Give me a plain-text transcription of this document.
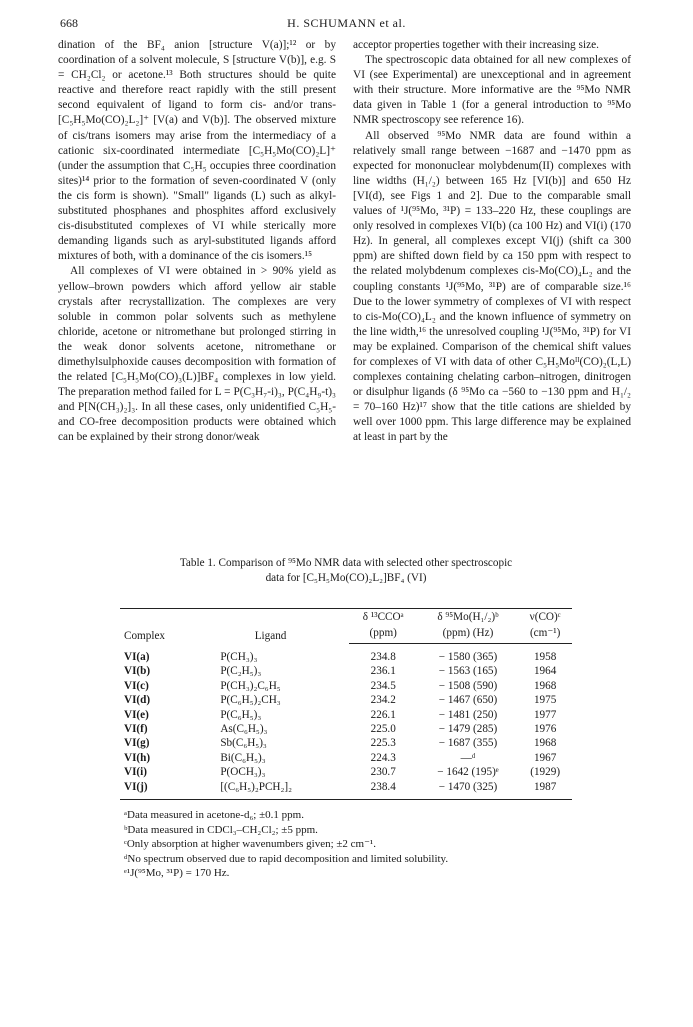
668	H. SCHUMANN et al.

dination of the BF₄ anion [structure V(a)];¹² or by coordination of a solvent molecule, S [structure V(b)], e.g. S = CH₂Cl₂ or acetone.¹³ Both structures should be quite reactive and therefore react rapidly with the still present second equivalent of ligand to form cis- and/or trans-[C₅H₅Mo(CO)₂L₂]⁺ [V(a) and V(b)]. The observed mixture of cis/trans isomers may arise from the intermediacy of a cationic six-coordinated intermediate [C₅H₅Mo(CO)₂L]⁺ (under the assumption that C₅H₅ occupies three coordination sites)¹⁴ prior to the formation of seven-coordinated V (only the cis form is shown). "Small" ligands (L) such as alkyl-substituted phosphanes and phosphites afford exclusively cis-disubstituted complexes of VI while sterically more demanding ligands such as aryl-substituted ligands afford mixtures of both, with a dominance of the cis isomers.¹⁵

All complexes of VI were obtained in > 90% yield as yellow–brown powders which afford yellow air stable crystals after recrystallization. The complexes are very soluble in common polar solvents such as methylene chloride, acetone or nitromethane but prolonged stirring in the weak donor solvents acetone, nitromethane or dimethylsulphoxide causes decomposition with formation of the related [C₅H₅Mo(CO)₃(L)]BF₄ complexes in low yield. The preparation method failed for L = P(C₃H₇-i)₃, P(C₄H₉-t)₃ and P[N(CH₃)₂]₃. In all these cases, only unidentified C₅H₅- and CO-free decomposition products were obtained which can be explained by their strong donor/weak

acceptor properties together with their increasing size.

The spectroscopic data obtained for all new complexes of VI (see Experimental) are unexceptional and in agreement with their structure. More informative are the ⁹⁵Mo NMR data given in Table 1 (for a general introduction to ⁹⁵Mo NMR spectroscopy see reference 16).

All observed ⁹⁵Mo NMR data are found within a relatively small range between −1687 and −1470 ppm as expected for mononuclear molybdenum(II) complexes with line widths (H₁/₂) between 165 Hz [VI(b)] and 650 Hz [VI(d), see Figs 1 and 2]. Due to the comparable small values of ¹J(⁹⁵Mo, ³¹P) = 133–220 Hz, these couplings are only resolved in complexes VI(b) (ca 100 Hz) and VI(i) (170 Hz). In general, all complexes except VI(j) (shift ca 300 ppm) are shifted down field by ca 150 ppm with respect to the related molybdenum complexes cis-Mo(CO)₄L₂ and the coupling constants ¹J(⁹⁵Mo, ³¹P) are of comparable size.¹⁶ Due to the lower symmetry of complexes of VI with respect to cis-Mo(CO)₄L₂ and the known influence of symmetry on the line width,¹⁶ the unresolved coupling ¹J(⁹⁵Mo, ³¹P) for VI may be explained. Comparison of the chemical shift values for complexes of VI with data of other C₅H₅Moᴵᴵ(CO)₂(L,L) complexes containing chelating carbon–nitrogen, dinitrogen or disulphur ligands (δ ⁹⁵Mo ca −560 to −130 ppm and H₁/₂ = 70–160 Hz)¹⁷ show that the title cations are shielded by well over 1000 ppm. This large difference may be explained at least in part by the

Table 1. Comparison of ⁹⁵Mo NMR data with selected other spectroscopic
data for [C₅H₅Mo(CO)₂L₂]BF₄ (VI)
Complex	Ligand	δ ¹³CCOᵃ	δ ⁹⁵Mo(H₁/₂)ᵇ	ν(CO)ᶜ
		(ppm)	(ppm) (Hz)	(cm⁻¹)
VI(a)	P(CH₃)₃	234.8	− 1580 (365)	1958
VI(b)	P(C₂H₅)₃	236.1	− 1563 (165)	1964
VI(c)	P(CH₃)₂C₆H₅	234.5	− 1508 (590)	1968
VI(d)	P(C₆H₅)₂CH₃	234.2	− 1467 (650)	1975
VI(e)	P(C₆H₅)₃	226.1	− 1481 (250)	1977
VI(f)	As(C₆H₅)₃	225.0	− 1479 (285)	1976
VI(g)	Sb(C₆H₅)₃	225.3	− 1687 (355)	1968
VI(h)	Bi(C₆H₅)₃	224.3	—ᵈ	1967
VI(i)	P(OCH₃)₃	230.7	− 1642 (195)ᵉ	(1929)
VI(j)	[(C₆H₅)₂PCH₂]₂	238.4	− 1470 (325)	1987
ᵃData measured in acetone-d₆; ±0.1 ppm.
ᵇData measured in CDCl₃–CH₂Cl₂; ±5 ppm.
ᶜOnly absorption at higher wavenumbers given; ±2 cm⁻¹.
ᵈNo spectrum observed due to rapid decomposition and limited solubility.
ᵉ¹J(⁹⁵Mo, ³¹P) = 170 Hz.
